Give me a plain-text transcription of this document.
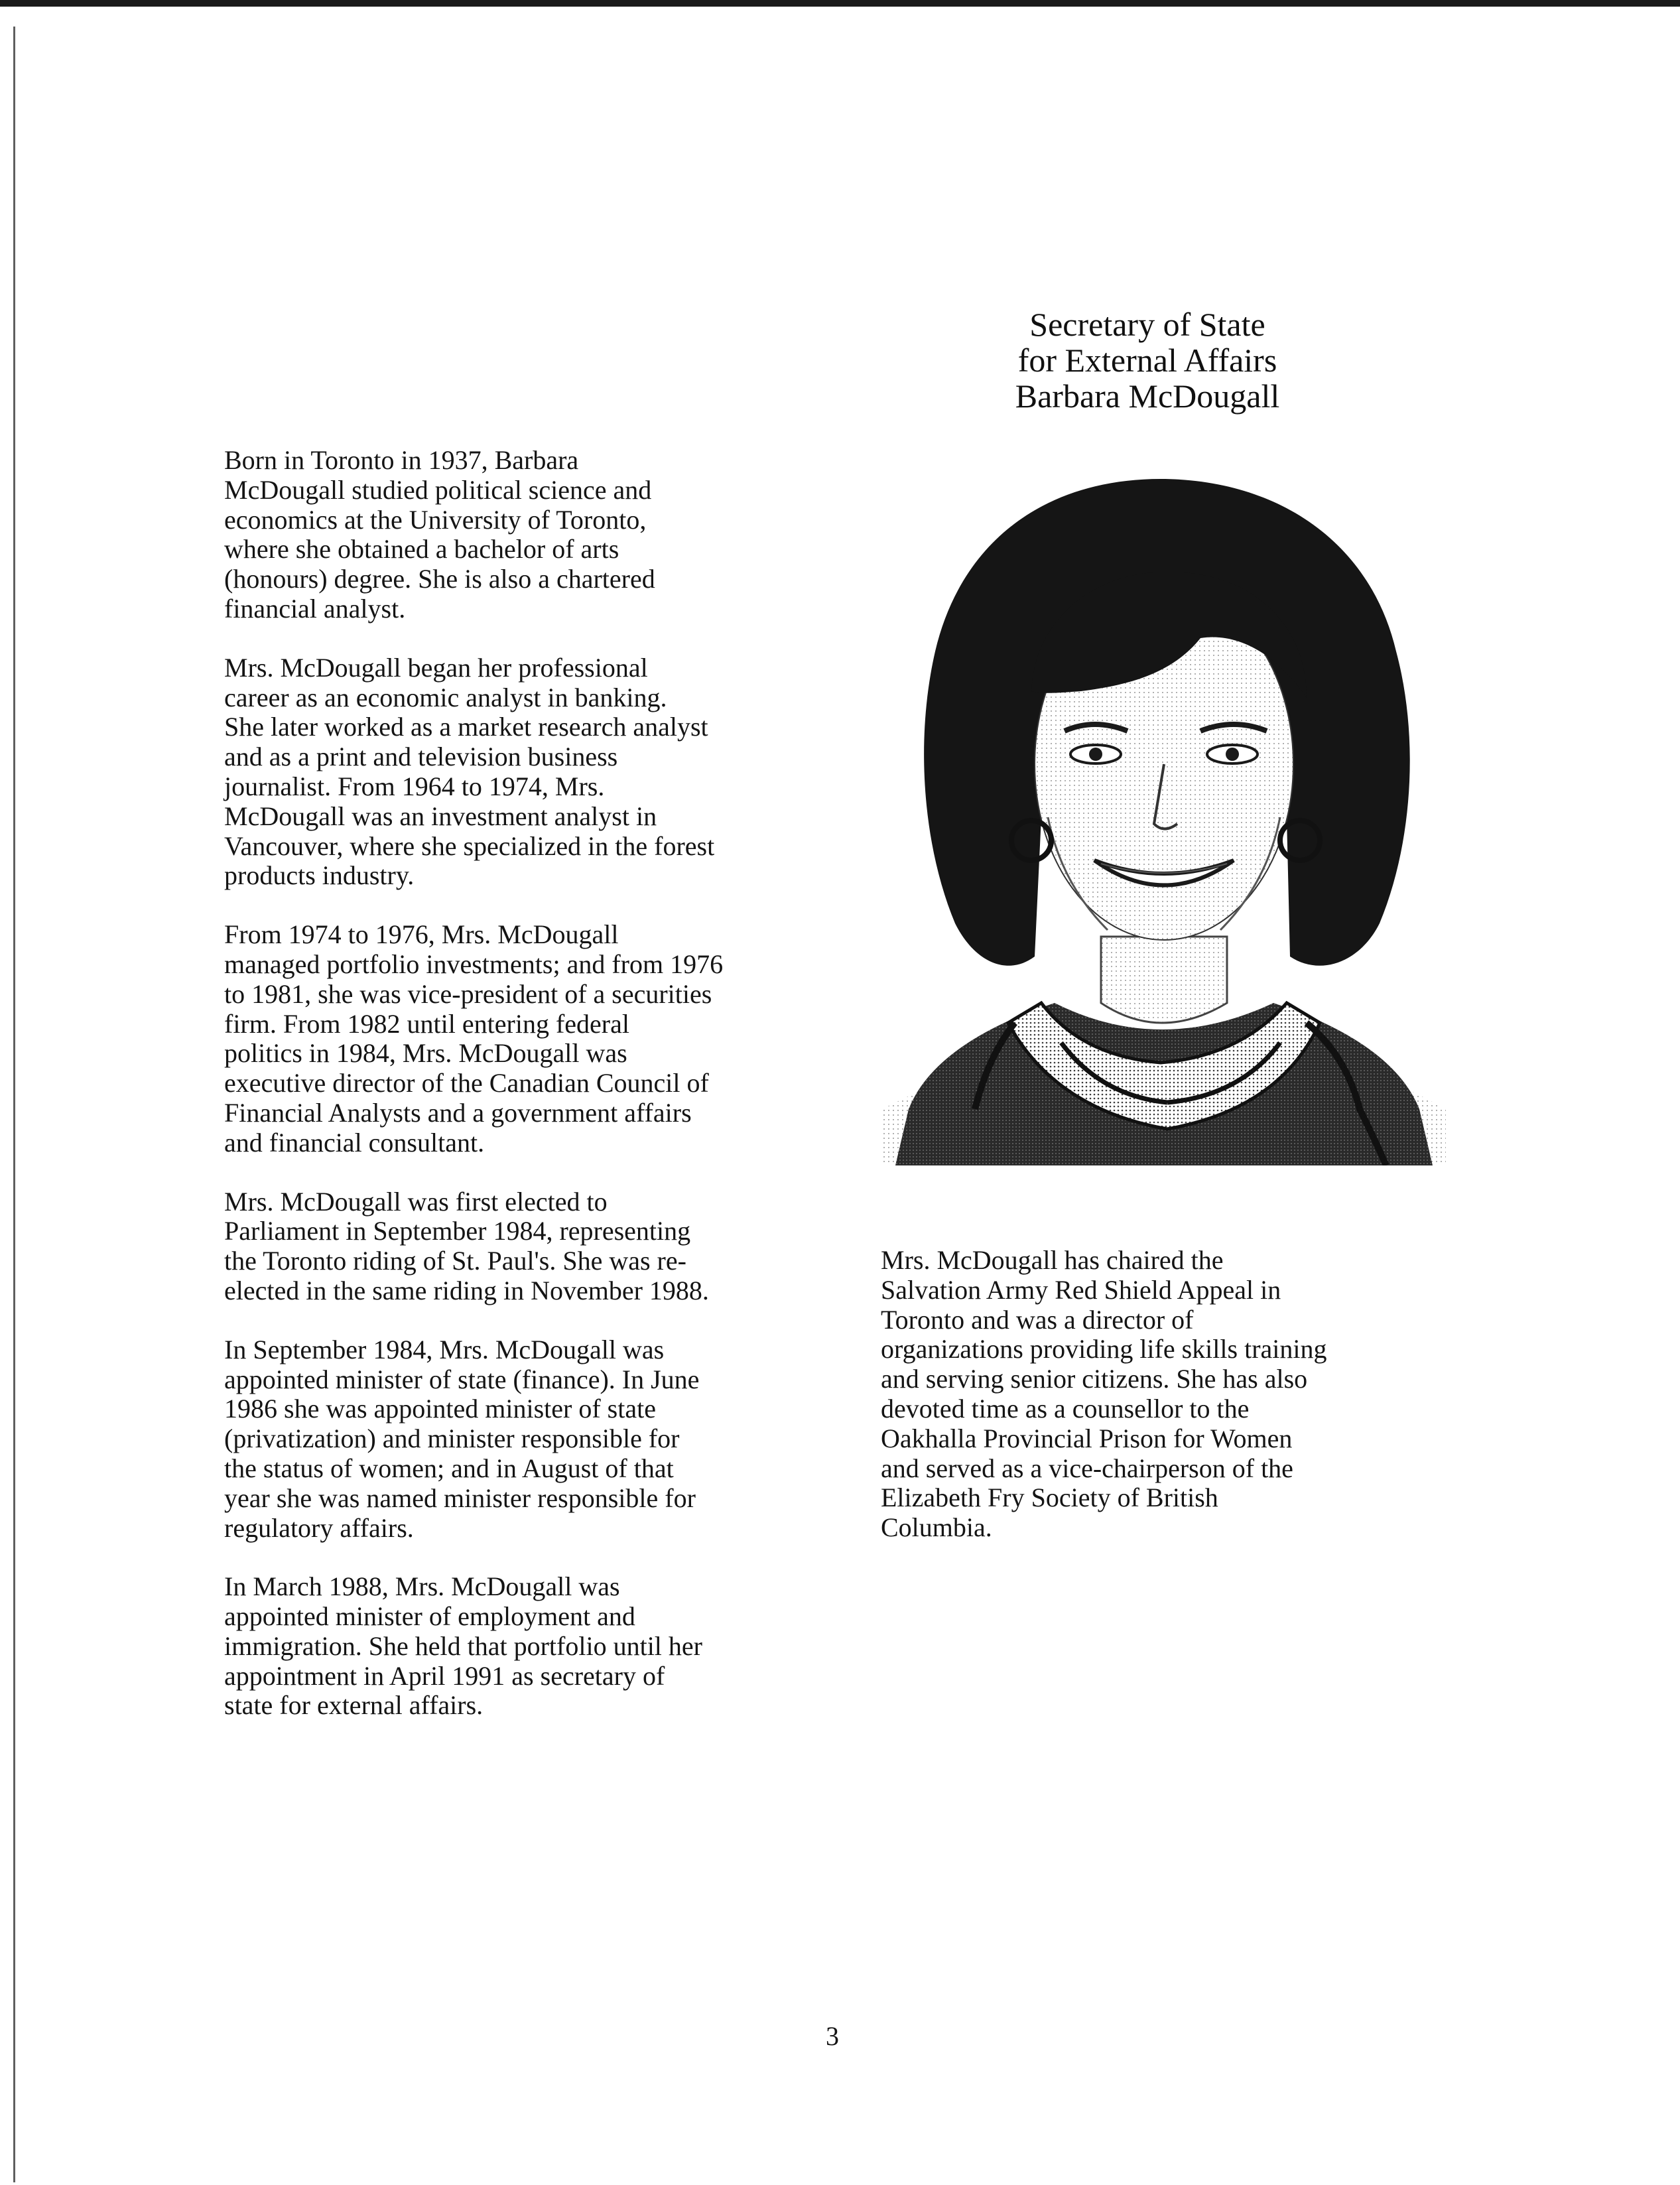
Secretary of State
for External Affairs
Barbara McDougall

Born in Toronto in 1937, Barbara
McDougall studied political science and
economics at the University of Toronto,
where she obtained a bachelor of arts
(honours) degree. She is also a chartered
financial analyst.

Mrs. McDougall began her professional
career as an economic analyst in banking.
She later worked as a market research analyst
and as a print and television business
journalist. From 1964 to 1974, Mrs.
McDougall was an investment analyst in
Vancouver, where she specialized in the forest
products industry.

From 1974 to 1976, Mrs. McDougall
managed portfolio investments; and from 1976
to 1981, she was vice-president of a securities
firm. From 1982 until entering federal
politics in 1984, Mrs. McDougall was
executive director of the Canadian Council of
Financial Analysts and a government affairs
and financial consultant.

Mrs. McDougall was first elected to
Parliament in September 1984, representing
the Toronto riding of St. Paul's. She was re-
elected in the same riding in November 1988.

In September 1984, Mrs. McDougall was
appointed minister of state (finance). In June
1986 she was appointed minister of state
(privatization) and minister responsible for
the status of women; and in August of that
year she was named minister responsible for
regulatory affairs.

In March 1988, Mrs. McDougall was
appointed minister of employment and
immigration. She held that portfolio until her
appointment in April 1991 as secretary of
state for external affairs.

Mrs. McDougall has chaired the
Salvation Army Red Shield Appeal in
Toronto and was a director of
organizations providing life skills training
and serving senior citizens. She has also
devoted time as a counsellor to the
Oakhalla Provincial Prison for Women
and served as a vice-chairperson of the
Elizabeth Fry Society of British
Columbia.

3
